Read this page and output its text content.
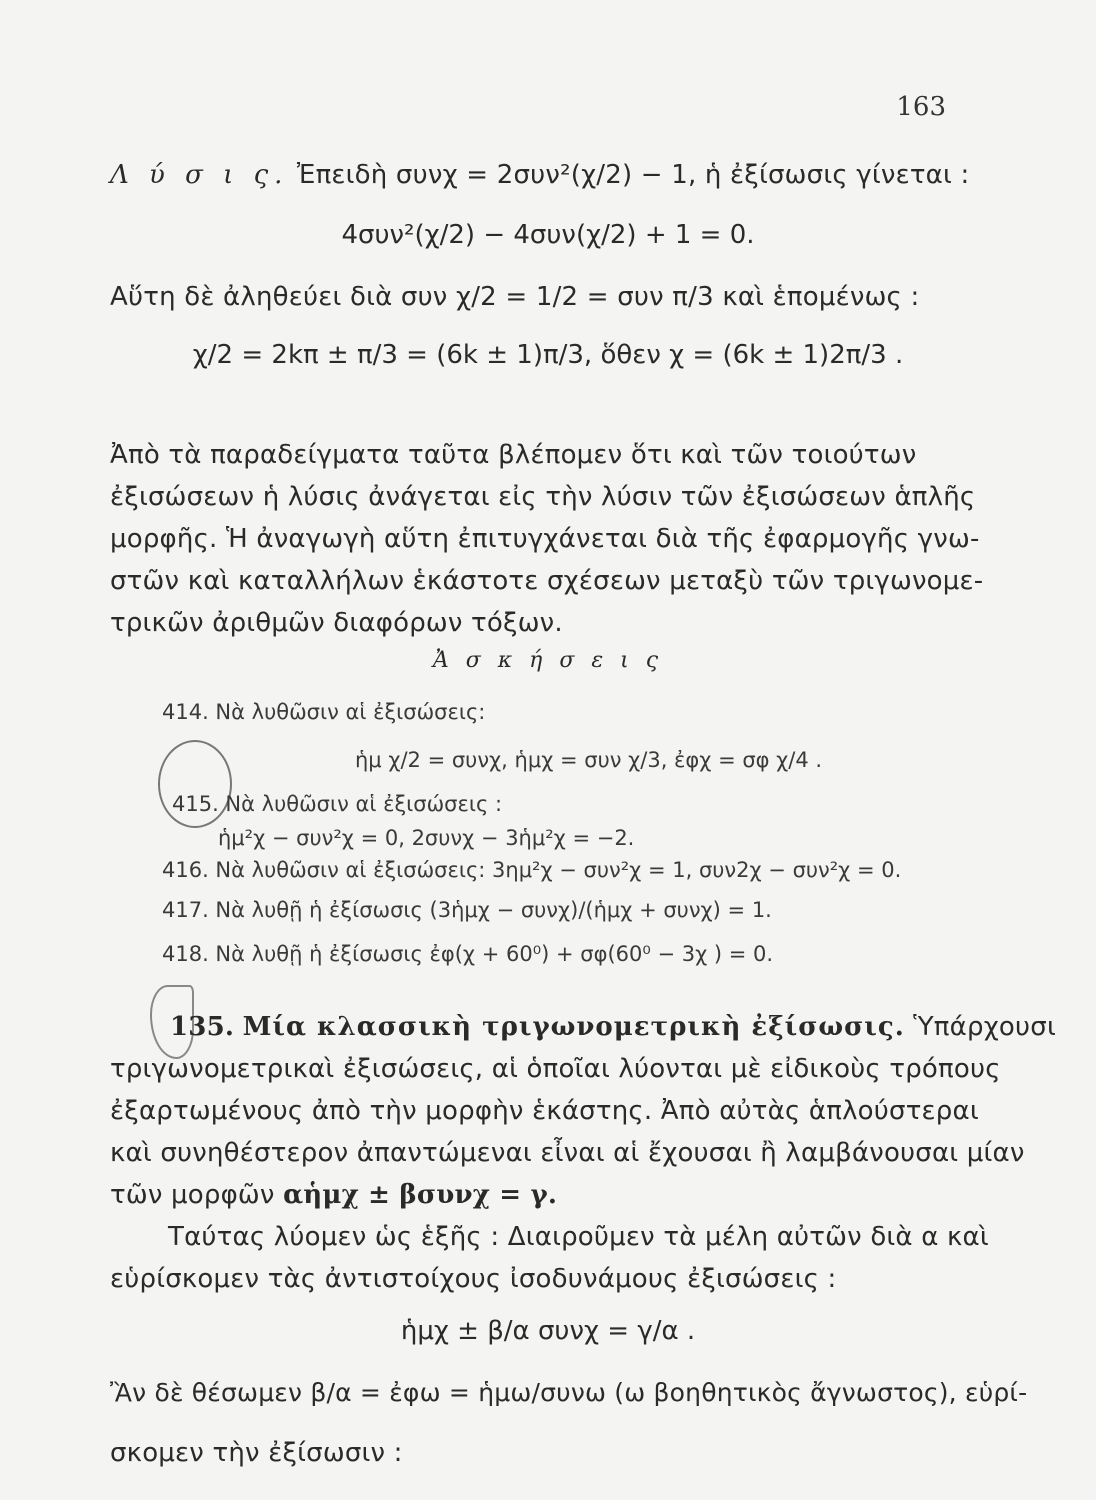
163
Λ ύ σ ι ς. Ἐπειδὴ συνχ = 2συν²(χ/2) − 1, ἡ ἐξίσωσις γίνεται :
4συν²(χ/2) − 4συν(χ/2) + 1 = 0.
Αὕτη δὲ ἀληθεύει διὰ συν χ/2 = 1/2 = συν π/3 καὶ ἑπομένως :
χ/2 = 2kπ ± π/3 = (6k ± 1)π/3, ὅθεν χ = (6k ± 1)2π/3 .
Ἀπὸ τὰ παραδείγματα ταῦτα βλέπομεν ὅτι καὶ τῶν τοιούτων
ἐξισώσεων ἡ λύσις ἀνάγεται εἰς τὴν λύσιν τῶν ἐξισώσεων ἁπλῆς
μορφῆς. Ἡ ἀναγωγὴ αὕτη ἐπιτυγχάνεται διὰ τῆς ἐφαρμογῆς γνω-
στῶν καὶ καταλλήλων ἑκάστοτε σχέσεων μεταξὺ τῶν τριγωνομε-
τρικῶν ἀριθμῶν διαφόρων τόξων.
Ἀ σ κ ή σ ε ι ς
414. Νὰ λυθῶσιν αἱ ἐξισώσεις:
ἡμ χ/2 = συνχ, ἡμχ = συν χ/3, ἐφχ = σφ χ/4 .
415. Νὰ λυθῶσιν αἱ ἐξισώσεις :
ἡμ²χ − συν²χ = 0, 2συνχ − 3ἡμ²χ = −2.
416. Νὰ λυθῶσιν αἱ ἐξισώσεις: 3ημ²χ − συν²χ = 1, συν2χ − συν²χ = 0.
417. Νὰ λυθῇ ἡ ἐξίσωσις (3ἡμχ − συνχ)/(ἡμχ + συνχ) = 1.
418. Νὰ λυθῇ ἡ ἐξίσωσις ἐφ(χ + 60⁰) + σφ(60⁰ − 3χ ) = 0.
135. Μία κλασσικὴ τριγωνομετρικὴ ἐξίσωσις. Ὑπάρχουσι
τριγωνομετρικαὶ ἐξισώσεις, αἱ ὁποῖαι λύονται μὲ εἰδικοὺς τρόπους
ἐξαρτωμένους ἀπὸ τὴν μορφὴν ἑκάστης. Ἀπὸ αὐτὰς ἁπλούστεραι
καὶ συνηθέστερον ἀπαντώμεναι εἶναι αἱ ἔχουσαι ἢ λαμβάνουσαι μίαν
τῶν μορφῶν αἡμχ ± βσυνχ = γ.
Ταύτας λύομεν ὡς ἑξῆς : Διαιροῦμεν τὰ μέλη αὐτῶν διὰ α καὶ
εὑρίσκομεν τὰς ἀντιστοίχους ἰσοδυνάμους ἐξισώσεις :
ἡμχ ± β/α συνχ = γ/α .
Ἂν δὲ θέσωμεν β/α = ἐφω = ἡμω/συνω (ω βοηθητικὸς ἄγνωστος), εὑρί-
σκομεν τὴν ἐξίσωσιν :
